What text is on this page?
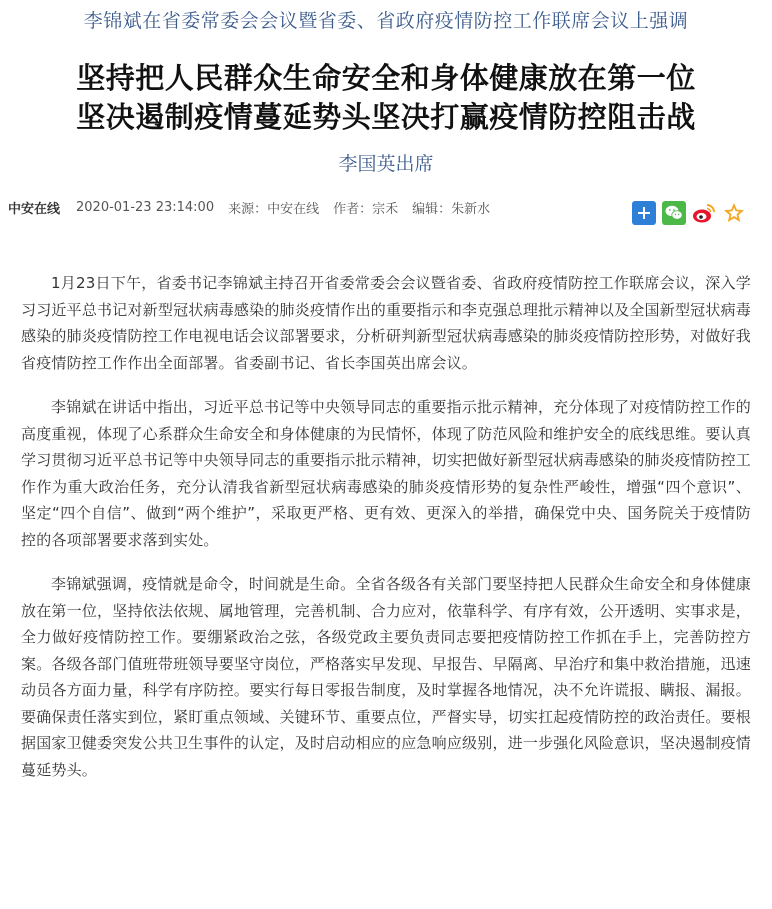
李锦斌在省委常委会会议暨省委、省政府疫情防控工作联席会议上强调
坚持把人民群众生命安全和身体健康放在第一位
坚决遏制疫情蔓延势头坚决打赢疫情防控阻击战
李国英出席
中安在线 2020-01-23 23:14:00 来源： 中安在线 作者： 宗禾 编辑： 朱新水

1月23日下午，省委书记李锦斌主持召开省委常委会会议暨省委、省政府疫情防控工作联席会议，深入学习习近平总书记对新型冠状病毒感染的肺炎疫情作出的重要指示和李克强总理批示精神以及全国新型冠状病毒感染的肺炎疫情防控工作电视电话会议部署要求，分析研判新型冠状病毒感染的肺炎疫情防控形势，对做好我省疫情防控工作作出全面部署。省委副书记、省长李国英出席会议。

李锦斌在讲话中指出，习近平总书记等中央领导同志的重要指示批示精神，充分体现了对疫情防控工作的高度重视，体现了心系群众生命安全和身体健康的为民情怀，体现了防范风险和维护安全的底线思维。要认真学习贯彻习近平总书记等中央领导同志的重要指示批示精神，切实把做好新型冠状病毒感染的肺炎疫情防控工作作为重大政治任务，充分认清我省新型冠状病毒感染的肺炎疫情形势的复杂性严峻性，增强“四个意识”、坚定“四个自信”、做到“两个维护”，采取更严格、更有效、更深入的举措，确保党中央、国务院关于疫情防控的各项部署要求落到实处。

李锦斌强调，疫情就是命令，时间就是生命。全省各级各有关部门要坚持把人民群众生命安全和身体健康放在第一位，坚持依法依规、属地管理，完善机制、合力应对，依靠科学、有序有效，公开透明、实事求是，全力做好疫情防控工作。要绷紧政治之弦，各级党政主要负责同志要把疫情防控工作抓在手上，完善防控方案。各级各部门值班带班领导要坚守岗位，严格落实早发现、早报告、早隔离、早治疗和集中救治措施，迅速动员各方面力量，科学有序防控。要实行每日零报告制度，及时掌握各地情况，决不允许谎报、瞒报、漏报。要确保责任落实到位，紧盯重点领域、关键环节、重要点位，严督实导，切实扛起疫情防控的政治责任。要根据国家卫健委突发公共卫生事件的认定，及时启动相应的应急响应级别，进一步强化风险意识，坚决遏制疫情蔓延势头。
